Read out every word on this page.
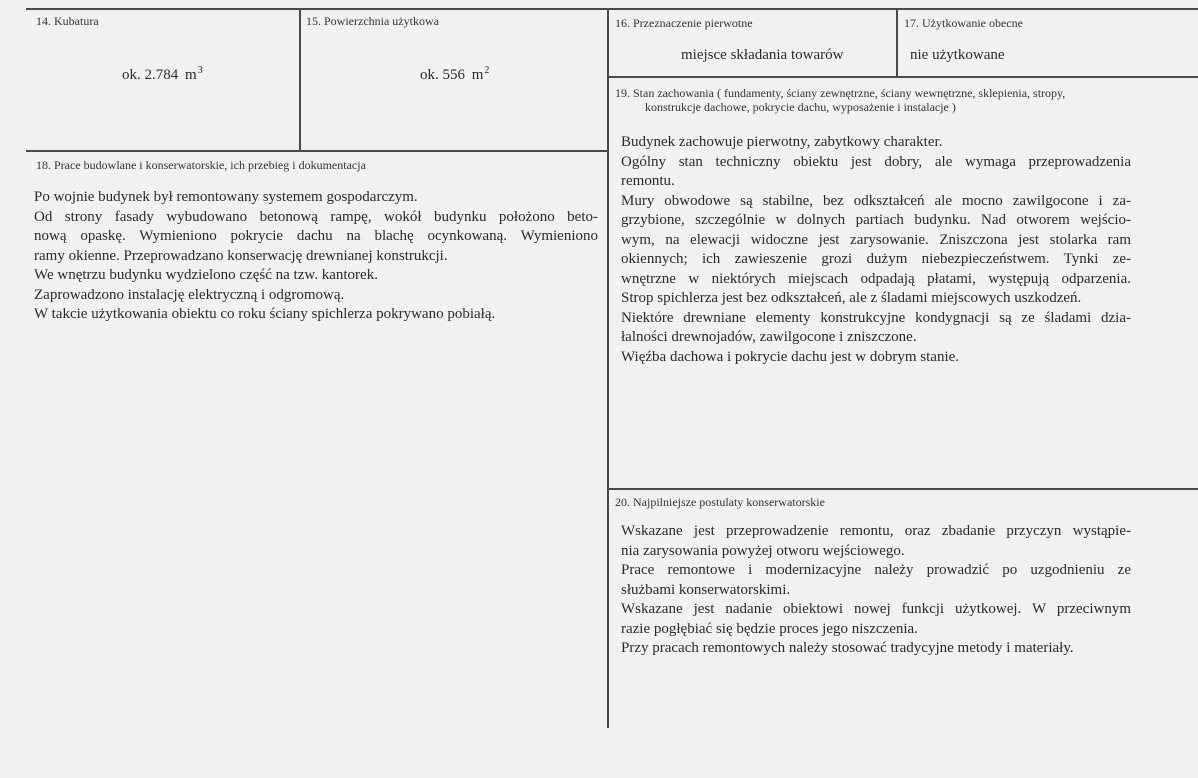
14. Kubatura
ok. 2.784 $m^3$
15. Powierzchnia użytkowa
ok. 556 $m^2$
16. Przeznaczenie pierwotne
miejsce składania towarów
17. Użytkowanie obecne
nie użytkowane
19. Stan zachowania ( fundamenty, ściany zewnętrzne, ściany wewnętrzne, sklepienia, stropy,
konstrukcje dachowe, pokrycie dachu, wyposażenie i instalacje )
Budynek zachowuje pierwotny, zabytkowy charakter.
Ogólny stan techniczny obiektu jest dobry, ale wymaga przeprowadzenia
remontu.
Mury obwodowe są stabilne, bez odkształceń ale mocno zawilgocone i za-
grzybione, szczególnie w dolnych partiach budynku. Nad otworem wejścio-
wym, na elewacji widoczne jest zarysowanie. Zniszczona jest stolarka ram
okiennych; ich zawieszenie grozi dużym niebezpieczeństwem. Tynki ze-
wnętrzne w niektórych miejscach odpadają płatami, występują odparzenia.
Strop spichlerza jest bez odkształceń, ale z śladami miejscowych uszkodzeń.
Niektóre drewniane elementy konstrukcyjne kondygnacji są ze śladami dzia-
łalności drewnojadów, zawilgocone i zniszczone.
Więźba dachowa i pokrycie dachu jest w dobrym stanie.
18. Prace budowlane i konserwatorskie, ich przebieg i dokumentacja
Po wojnie budynek był remontowany systemem gospodarczym.
Od strony fasady wybudowano betonową rampę, wokół budynku położono beto-
nową opaskę. Wymieniono pokrycie dachu na blachę ocynkowaną. Wymieniono
ramy okienne. Przeprowadzano konserwację drewnianej konstrukcji.
We wnętrzu budynku wydzielono część na tzw. kantorek.
Zaprowadzono instalację elektryczną i odgromową.
W takcie użytkowania obiektu co roku ściany spichlerza pokrywano pobiałą.
20. Najpilniejsze postulaty konserwatorskie
Wskazane jest przeprowadzenie remontu, oraz zbadanie przyczyn wystąpie-
nia zarysowania powyżej otworu wejściowego.
Prace remontowe i modernizacyjne należy prowadzić po uzgodnieniu ze
służbami konserwatorskimi.
Wskazane jest nadanie obiektowi nowej funkcji użytkowej. W przeciwnym
razie pogłębiać się będzie proces jego niszczenia.
Przy pracach remontowych należy stosować tradycyjne metody i materiały.
